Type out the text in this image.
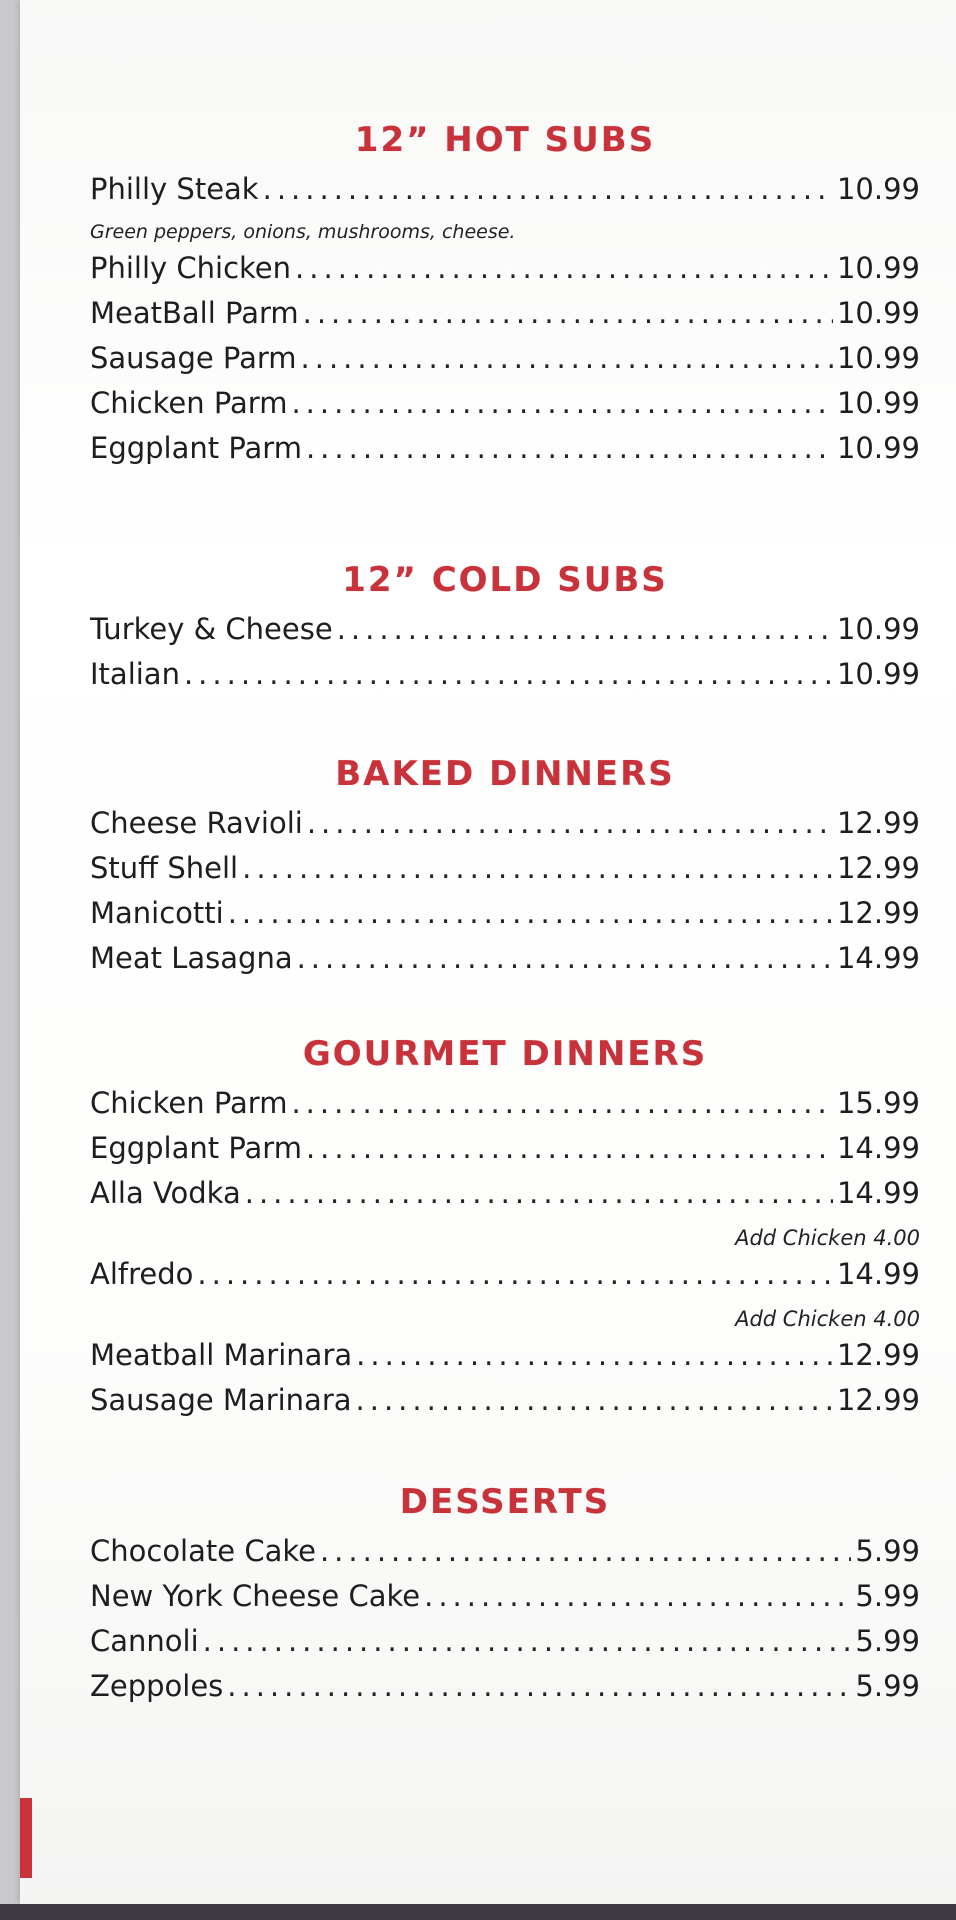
12” HOT SUBS
Philly Steak .....	10.99
Green peppers, onions, mushrooms, cheese.
Philly Chicken .....	10.99
MeatBall Parm .....	10.99
Sausage Parm .....	10.99
Chicken Parm .....	10.99
Eggplant Parm .....	10.99
12” COLD SUBS
Turkey & Cheese .....	10.99
Italian .....	10.99
BAKED DINNERS
Cheese Ravioli .....	12.99
Stuff Shell .....	12.99
Manicotti .....	12.99
Meat Lasagna .....	14.99
GOURMET DINNERS
Chicken Parm .....	15.99
Eggplant Parm .....	14.99
Alla Vodka .....	14.99
Add Chicken 4.00
Alfredo .....	14.99
Add Chicken 4.00
Meatball Marinara .....	12.99
Sausage Marinara .....	12.99
DESSERTS
Chocolate Cake .....	5.99
New York Cheese Cake .....	5.99
Cannoli .....	5.99
Zeppoles .....	5.99
